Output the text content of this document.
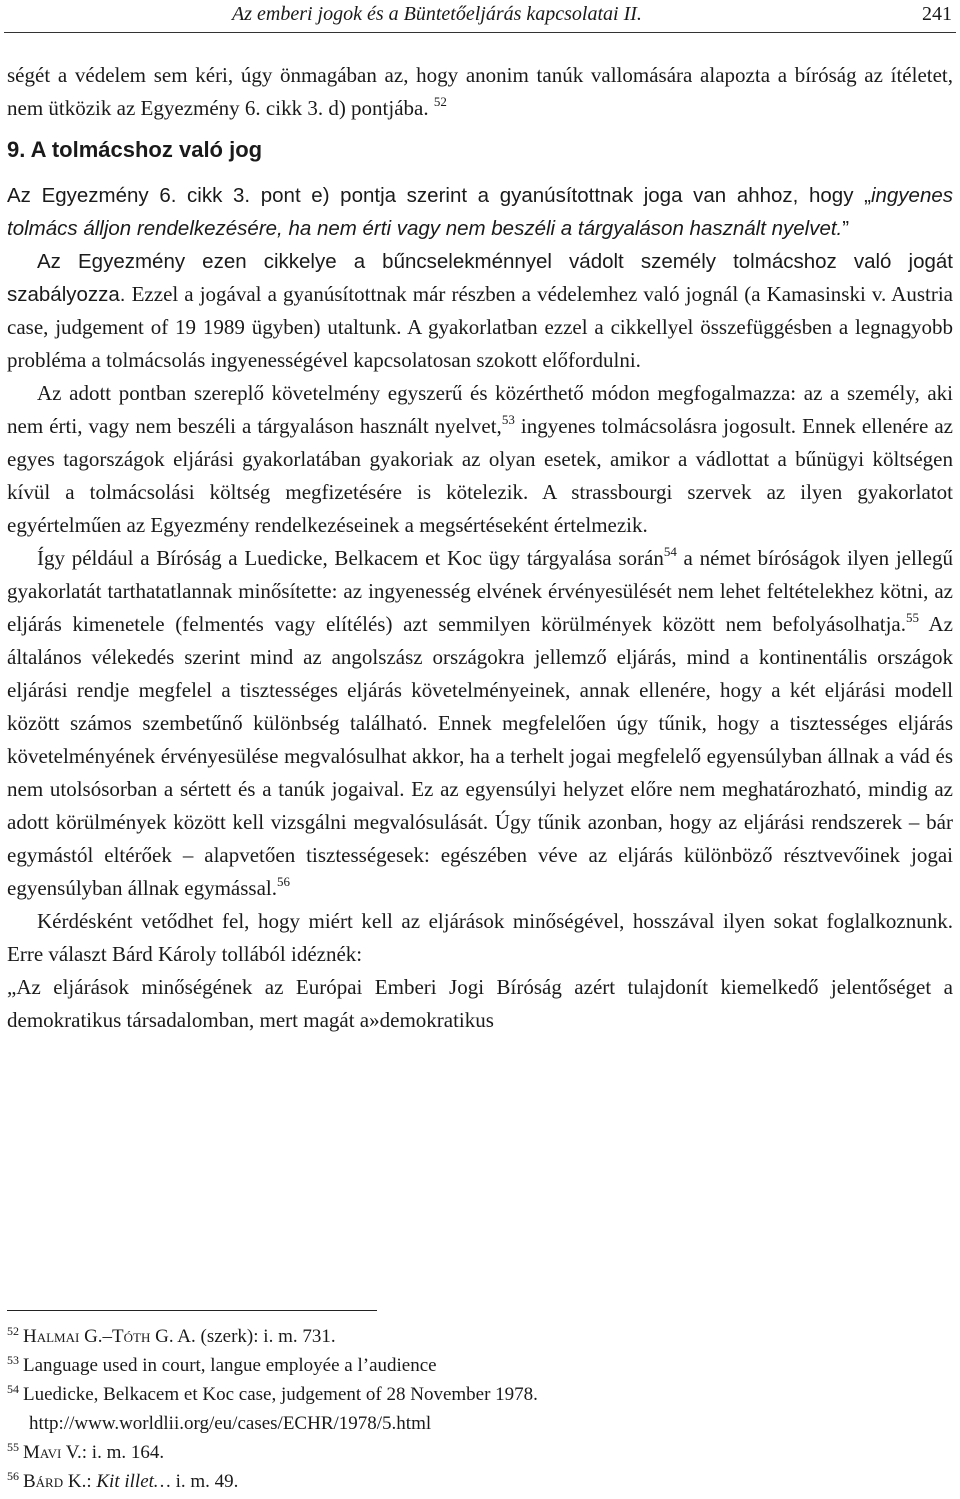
Az emberi jogok és a Büntetőeljárás kapcsolatai II.	241

ségét a védelem sem kéri, úgy önmagában az, hogy anonim tanúk vallomására alapozta a bíróság az ítéletet, nem ütközik az Egyezmény 6. cikk 3. d) pontjába. $^{52}$

9. A tolmácshoz való jog

Az Egyezmény 6. cikk 3. pont e) pontja szerint a gyanúsítottnak joga van ahhoz, hogy „ingyenes tolmács álljon rendelkezésére, ha nem érti vagy nem beszéli a tárgyaláson használt nyelvet.”

Az Egyezmény ezen cikkelye a bűncselekménnyel vádolt személy tolmácshoz való jogát szabályozza. Ezzel a jogával a gyanúsítottnak már részben a védelemhez való jognál (a Kamasinski v. Austria case, judgement of 19 1989 ügyben) utaltunk. A gyakorlatban ezzel a cikkellyel összefüggésben a legnagyobb probléma a tolmácsolás ingyenességével kapcsolatosan szokott előfordulni.

Az adott pontban szereplő követelmény egyszerű és közérthető módon megfogalmazza: az a személy, aki nem érti, vagy nem beszéli a tárgyaláson használt nyelvet,$^{53}$ ingyenes tolmácsolásra jogosult. Ennek ellenére az egyes tagországok eljárási gyakorlatában gyakoriak az olyan esetek, amikor a vádlottat a bűnügyi költségen kívül a tolmácsolási költség megfizetésére is kötelezik. A strassbourgi szervek az ilyen gyakorlatot egyértelműen az Egyezmény rendelkezéseinek a megsértéseként értelmezik.

Így például a Bíróság a Luedicke, Belkacem et Koc ügy tárgyalása során$^{54}$ a német bíróságok ilyen jellegű gyakorlatát tarthatatlannak minősítette: az ingyenesség elvének érvényesülését nem lehet feltételekhez kötni, az eljárás kimenetele (felmentés vagy elítélés) azt semmilyen körülmények között nem befolyásolhatja.$^{55}$ Az általános vélekedés szerint mind az angolszász országokra jellemző eljárás, mind a kontinentális országok eljárási rendje megfelel a tisztességes eljárás követelményeinek, annak ellenére, hogy a két eljárási modell között számos szembetűnő különbség található. Ennek megfelelően úgy tűnik, hogy a tisztességes eljárás követelményének érvényesülése megvalósulhat akkor, ha a terhelt jogai megfelelő egyensúlyban állnak a vád és nem utolsósorban a sértett és a tanúk jogaival. Ez az egyensúlyi helyzet előre nem meghatározható, mindig az adott körülmények között kell vizsgálni megvalósulását. Úgy tűnik azonban, hogy az eljárási rendszerek – bár egymástól eltérőek – alapvetően tisztességesek: egészében véve az eljárás különböző résztvevőinek jogai egyensúlyban állnak egymással.$^{56}$

Kérdésként vetődhet fel, hogy miért kell az eljárások minőségével, hosszával ilyen sokat foglalkoznunk. Erre választ Bárd Károly tollából idéznék:

„Az eljárások minőségének az Európai Emberi Jogi Bíróság azért tulajdonít kiemelkedő jelentőséget a demokratikus társadalomban, mert magát a»demokratikus

$^{52}$ Halmai G.–Tóth G. A. (szerk): i. m. 731.
$^{53}$ Language used in court, langue employée a l’audience
$^{54}$ Luedicke, Belkacem et Koc case, judgement of 28 November 1978.
http://www.worldlii.org/eu/cases/ECHR/1978/5.html
$^{55}$ Mavi V.: i. m. 164.
$^{56}$ Bárd K.: Kit illet… i. m. 49.
